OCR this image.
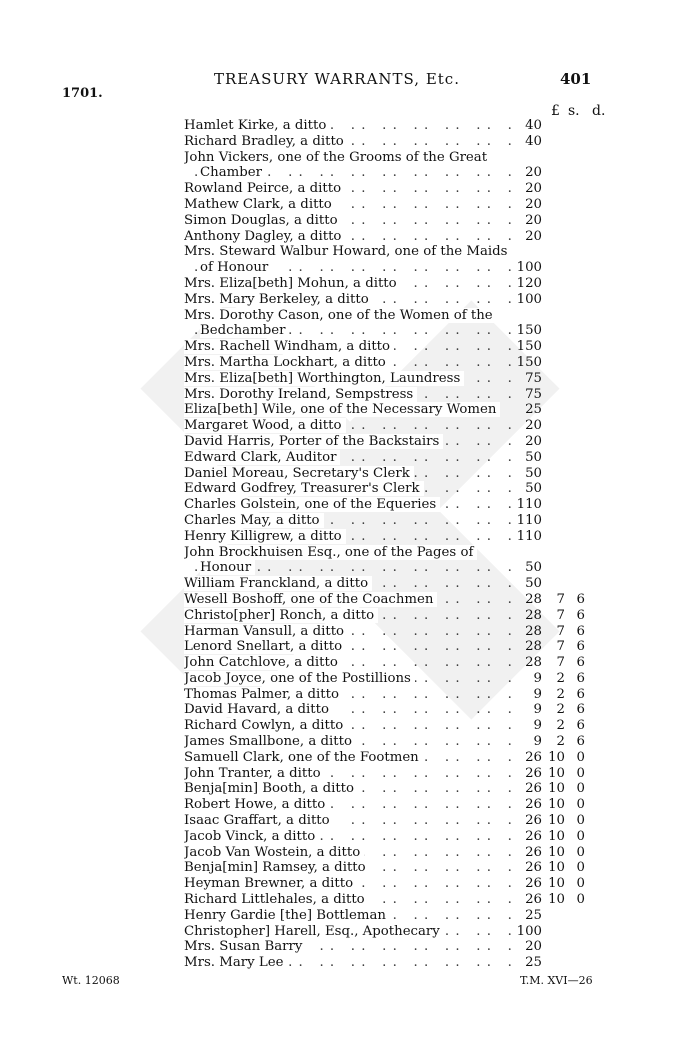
TREASURY WARRANTS, Etc.	401
1701.
£ s. d.
Hamlet Kirke, a ditto . .	40
Richard Bradley, a ditto . .	40
John Vickers, one of the Grooms of the Great
Chamber . .	20
Rowland Peirce, a ditto . .	20
Mathew Clark, a ditto . .	20
Simon Douglas, a ditto . .	20
Anthony Dagley, a ditto . .	20
Mrs. Steward Walbur Howard, one of the Maids
of Honour . .	100
Mrs. Eliza[beth] Mohun, a ditto . .	120
Mrs. Mary Berkeley, a ditto . .	100
Mrs. Dorothy Cason, one of the Women of the
Bedchamber . .	150
Mrs. Rachell Windham, a ditto . .	150
Mrs. Martha Lockhart, a ditto . .	150
Mrs. Eliza[beth] Worthington, Laundress . .	75
Mrs. Dorothy Ireland, Sempstress . .	75
Eliza[beth] Wile, one of the Necessary Women	25
Margaret Wood, a ditto . .	20
David Harris, Porter of the Backstairs . .	20
Edward Clark, Auditor . .	50
Daniel Moreau, Secretary's Clerk . .	50
Edward Godfrey, Treasurer's Clerk . .	50
Charles Golstein, one of the Equeries . .	110
Charles May, a ditto . .	110
Henry Killigrew, a ditto . .	110
John Brockhuisen Esq., one of the Pages of
Honour . .	50
William Franckland, a ditto . .	50
Wesell Boshoff, one of the Coachmen . .	28	7 6
Christo[pher] Ronch, a ditto . .	28	7 6
Harman Vansull, a ditto . .	28	7 6
Lenord Snellart, a ditto . .	28	7 6
John Catchlove, a ditto . .	28	7 6
Jacob Joyce, one of the Postillions . .	9	2 6
Thomas Palmer, a ditto . .	9	2 6
David Havard, a ditto . .	9	2 6
Richard Cowlyn, a ditto . .	9	2 6
James Smallbone, a ditto . .	9	2 6
Samuell Clark, one of the Footmen . .	26 10 0
John Tranter, a ditto . .	26 10 0
Benja[min] Booth, a ditto . .	26 10 0
Robert Howe, a ditto . .	26 10 0
Isaac Graffart, a ditto . .	26 10 0
Jacob Vinck, a ditto . .	26 10 0
Jacob Van Wostein, a ditto . .	26 10 0
Benja[min] Ramsey, a ditto . .	26 10 0
Heyman Brewner, a ditto . .	26 10 0
Richard Littlehales, a ditto . .	26 10 0
Henry Gardie [the] Bottleman . .	25
Christopher] Harell, Esq., Apothecary . .	100
Mrs. Susan Barry . .	20
Mrs. Mary Lee . .	25
Wt. 12068	T.M. XVI—26
